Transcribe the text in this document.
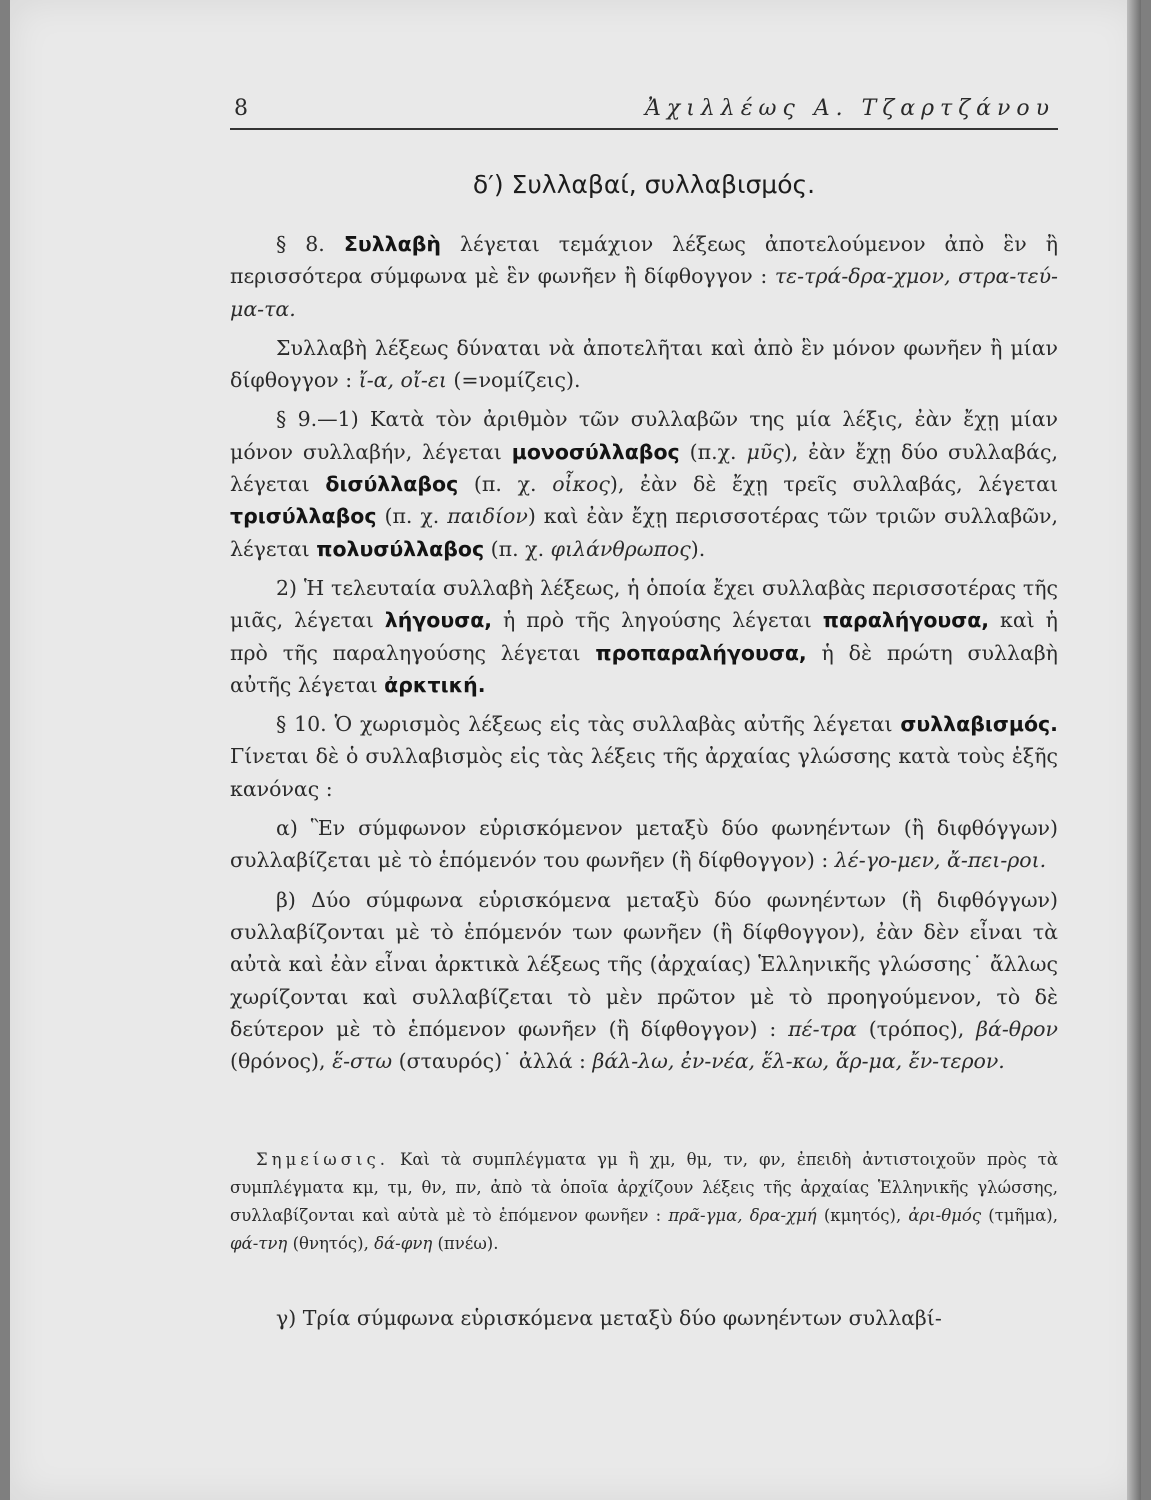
8	Ἀχιλλέως Α. Τζαρτζάνου
δ′) Συλλαβαί, συλλαβισμός.

§ 8. Συλλαβὴ λέγεται τεμάχιον λέξεως ἀποτελούμενον ἀπὸ ἓν ἢ περισσότερα σύμφωνα μὲ ἓν φωνῆεν ἢ δίφθογγον : τε-τρά-δρα-χμον, στρα-τεύ-μα-τα.

Συλλαβὴ λέξεως δύναται νὰ ἀποτελῆται καὶ ἀπὸ ἓν μόνον φωνῆεν ἢ μίαν δίφθογγον : ἴ-α, οἴ-ει (=νομίζεις).

§ 9.—1) Κατὰ τὸν ἀριθμὸν τῶν συλλαβῶν της μία λέξις, ἐὰν ἔχῃ μίαν μόνον συλλαβήν, λέγεται μονοσύλλαβος (π.χ. μῦς), ἐὰν ἔχῃ δύο συλλαβάς, λέγεται δισύλλαβος (π. χ. οἶκος), ἐὰν δὲ ἔχῃ τρεῖς συλλαβάς, λέγεται τρισύλλαβος (π. χ. παιδίον) καὶ ἐὰν ἔχῃ περισσοτέρας τῶν τριῶν συλλαβῶν, λέγεται πολυσύλλαβος (π. χ. φιλάνθρωπος).

2) Ἡ τελευταία συλλαβὴ λέξεως, ἡ ὁποία ἔχει συλλαβὰς περισσοτέρας τῆς μιᾶς, λέγεται λήγουσα, ἡ πρὸ τῆς ληγούσης λέγεται παραλήγουσα, καὶ ἡ πρὸ τῆς παραληγούσης λέγεται προπαραλήγουσα, ἡ δὲ πρώτη συλλαβὴ αὐτῆς λέγεται ἀρκτική.

§ 10. Ὁ χωρισμὸς λέξεως εἰς τὰς συλλαβὰς αὐτῆς λέγεται συλλαβισμός. Γίνεται δὲ ὁ συλλαβισμὸς εἰς τὰς λέξεις τῆς ἀρχαίας γλώσσης κατὰ τοὺς ἑξῆς κανόνας :

α) Ἓν σύμφωνον εὑρισκόμενον μεταξὺ δύο φωνηέντων (ἢ διφθόγγων) συλλαβίζεται μὲ τὸ ἑπόμενόν του φωνῆεν (ἢ δίφθογγον) : λέ-γο-μεν, ἄ-πει-ροι.

β) Δύο σύμφωνα εὑρισκόμενα μεταξὺ δύο φωνηέντων (ἢ διφθόγγων) συλλαβίζονται μὲ τὸ ἑπόμενόν των φωνῆεν (ἢ δίφθογγον), ἐὰν δὲν εἶναι τὰ αὐτὰ καὶ ἐὰν εἶναι ἀρκτικὰ λέξεως τῆς (ἀρχαίας) Ἑλληνικῆς γλώσσης˙ ἄλλως χωρίζονται καὶ συλλαβίζεται τὸ μὲν πρῶτον μὲ τὸ προηγούμενον, τὸ δὲ δεύτερον μὲ τὸ ἑπόμενον φωνῆεν (ἢ δίφθογγον) : πέ-τρα (τρόπος), βά-θρον (θρόνος), ἕ-στω (σταυρός)˙ ἀλλά : βάλ-λω, ἐν-νέα, ἕλ-κω, ἅρ-μα, ἔν-τερον.

Σημείωσις. Καὶ τὰ συμπλέγματα γμ ἢ χμ, θμ, τν, φν, ἐπειδὴ ἀντιστοιχοῦν πρὸς τὰ συμπλέγματα κμ, τμ, θν, πν, ἀπὸ τὰ ὁποῖα ἀρχίζουν λέξεις τῆς ἀρχαίας Ἑλληνικῆς γλώσσης, συλλαβίζονται καὶ αὐτὰ μὲ τὸ ἑπόμενον φωνῆεν : πρᾶ-γμα, δρα-χμή (κμητός), ἀρι-θμός (τμῆμα), φά-τνη (θνητός), δά-φνη (πνέω).

γ) Τρία σύμφωνα εὑρισκόμενα μεταξὺ δύο φωνηέντων συλλαβί-
